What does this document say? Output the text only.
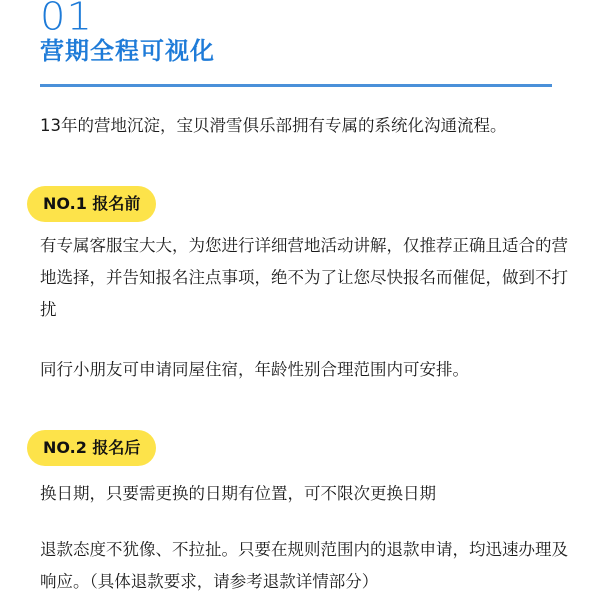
01
营期全程可视化
13年的营地沉淀，宝贝滑雪俱乐部拥有专属的系统化沟通流程。
NO.1 报名前
有专属客服宝大大，为您进行详细营地活动讲解，仅推荐正确且适合的营地选择，并告知报名注点事项，绝不为了让您尽快报名而催促，做到不打扰
同行小朋友可申请同屋住宿，年龄性别合理范围内可安排。
NO.2 报名后
换日期，只要需更换的日期有位置，可不限次更换日期
退款态度不犹像、不拉扯。只要在规则范围内的退款申请，均迅速办理及响应。（具体退款要求，请参考退款详情部分）
